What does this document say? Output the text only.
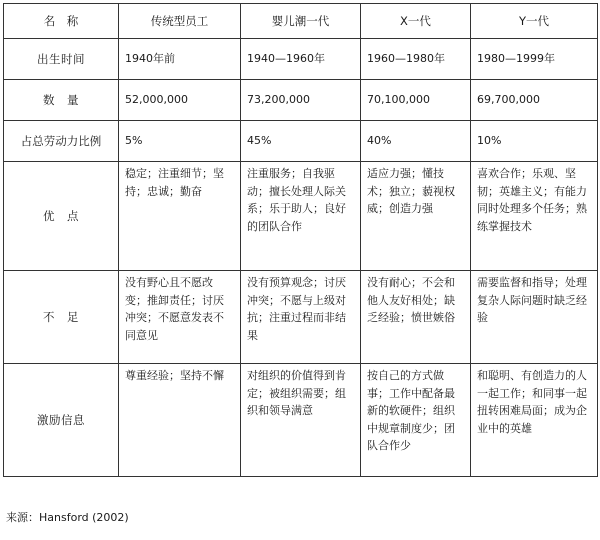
名　称	传统型员工	婴儿潮一代	X一代	Y一代
出生时间	1940年前	1940—1960年	1960—1980年	1980—1999年
数　量	52,000,000	73,200,000	70,100,000	69,700,000
占总劳动力比例	5%	45%	40%	10%
优　点	稳定；注重细节；坚持；忠诚；勤奋	注重服务；自我驱动；擅长处理人际关系；乐于助人；良好的团队合作	适应力强；懂技术；独立；藐视权威；创造力强	喜欢合作；乐观、坚韧；英雄主义；有能力同时处理多个任务；熟练掌握技术
不　足	没有野心且不愿改变；推卸责任；讨厌冲突；不愿意发表不同意见	没有预算观念；讨厌冲突；不愿与上级对抗；注重过程而非结果	没有耐心；不会和他人友好相处；缺乏经验；愤世嫉俗	需要监督和指导；处理复杂人际问题时缺乏经验
激励信息	尊重经验；坚持不懈	对组织的价值得到肯定；被组织需要；组织和领导满意	按自己的方式做事；工作中配备最新的软硬件；组织中规章制度少；团队合作少	和聪明、有创造力的人一起工作；和同事一起扭转困难局面；成为企业中的英雄
来源：Hansford (2002)
